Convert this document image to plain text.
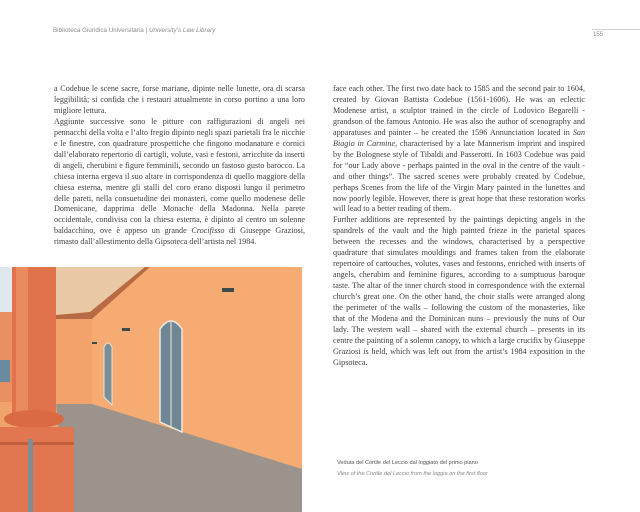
Biblioteca Giuridica Universitaria | University’s Law Library
155

a Codebue le scene sacre, forse mariane, dipinte nelle lunette, ora di scarsa leggibilità; si confida che i restauri attualmente in corso portino a una loro migliore lettura.

Aggiunte successive sono le pitture con raffigurazioni di angeli nei pennacchi della volta e l’alto fregio dipinto negli spazi parietali fra le nicchie e le finestre, con quadrature prospettiche che fingono modanature e cornici dall’elaborato repertorio di cartigli, volute, vasi e festoni, arricchite da inserti di angeli, cherubini e figure femminili, secondo un fastoso gusto barocco. La chiesa interna ergeva il suo altare in corrispondenza di quello maggiore della chiesa esterna, mentre gli stalli del coro erano disposti lungo il perimetro delle pareti, nella consuetudine dei monasteri, come quello modenese delle Domenicane, dapprima delle Monache della Madonna. Nella parete occidentale, condivisa con la chiesa esterna, è dipinto al centro un solenne baldacchino, ove è appeso un grande Crocifisso di Giuseppe Graziosi, rimasto dall’allestimento della Gipsoteca dell’artista nel 1984.

face each other. The first two date back to 1585 and the second pair to 1604, created by Giovan Battista Codebue (1561-1606). He was an eclectic Modenese artist, a sculptor trained in the circle of Lodovico Begarelli - grandson of the famous Antonio. He was also the author of scenography and apparatuses and painter – he created the 1596 Annunciation located in San Biagio in Carmine, characterised by a late Mannerism imprint and inspired by the Bolognese style of Tibaldi and Passerotti. In 1603 Codebue was paid for “our Lady above - perhaps painted in the oval in the centre of the vault - and other things”. The sacred scenes were probably created by Codebue, perhaps Scenes from the life of the Virgin Mary painted in the lunettes and now poorly legible. However, there is great hope that these restoration works will lead to a better reading of them.

Further additions are represented by the paintings depicting angels in the spandrels of the vault and the high painted frieze in the parietal spaces between the recesses and the windows, characterised by a perspective quadrature that simulates mouldings and frames taken from the elaborate repertoire of cartouches, volutes, vases and festoons, enriched with inserts of angels, cherubim and feminine figures, according to a sumptuous baroque taste. The altar of the inner church stood in correspondence with the external church’s great one. On the other hand, the choir stalls were arranged along the perimeter of the walls – following the custom of the monasteries, like that of the Modena and the Dominican nuns – previously the nuns of Our lady. The western wall – shared with the external church – presents in its centre the painting of a solemn canopy, to which a large crucifix by Giuseppe Graziosi is held, which was left out from the artist’s 1984 exposition in the Gipsoteca.

Veduta del Cortile del Leccio dal loggiato del primo piano
View of the Cortile del Leccio from the loggia on the first floor
